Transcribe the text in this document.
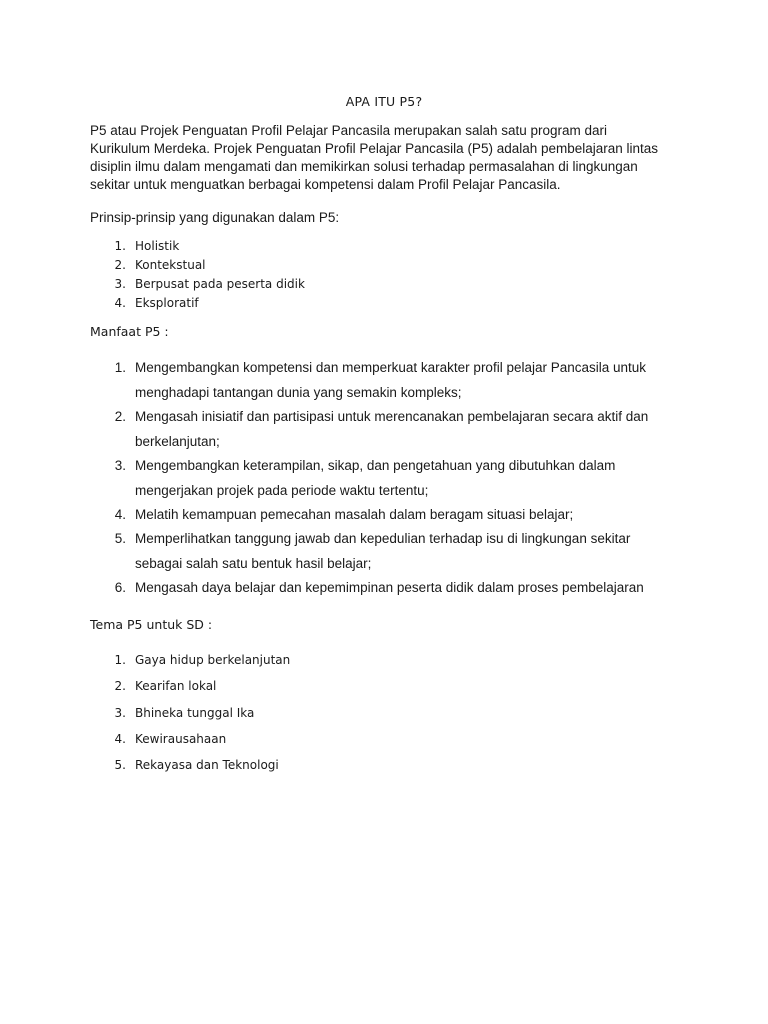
APA ITU P5?
P5 atau Projek Penguatan Profil Pelajar Pancasila merupakan salah satu program dari
Kurikulum Merdeka. Projek Penguatan Profil Pelajar Pancasila (P5) adalah pembelajaran lintas
disiplin ilmu dalam mengamati dan memikirkan solusi terhadap permasalahan di lingkungan
sekitar untuk menguatkan berbagai kompetensi dalam Profil Pelajar Pancasila.
Prinsip-prinsip yang digunakan dalam P5:
1. Holistik
2. Kontekstual
3. Berpusat pada peserta didik
4. Eksploratif
Manfaat P5 :
1. Mengembangkan kompetensi dan memperkuat karakter profil pelajar Pancasila untuk menghadapi tantangan dunia yang semakin kompleks;
2. Mengasah inisiatif dan partisipasi untuk merencanakan pembelajaran secara aktif dan berkelanjutan;
3. Mengembangkan keterampilan, sikap, dan pengetahuan yang dibutuhkan dalam mengerjakan projek pada periode waktu tertentu;
4. Melatih kemampuan pemecahan masalah dalam beragam situasi belajar;
5. Memperlihatkan tanggung jawab dan kepedulian terhadap isu di lingkungan sekitar sebagai salah satu bentuk hasil belajar;
6. Mengasah daya belajar dan kepemimpinan peserta didik dalam proses pembelajaran
Tema P5 untuk SD :
1. Gaya hidup berkelanjutan
2. Kearifan lokal
3. Bhineka tunggal Ika
4. Kewirausahaan
5. Rekayasa dan Teknologi
